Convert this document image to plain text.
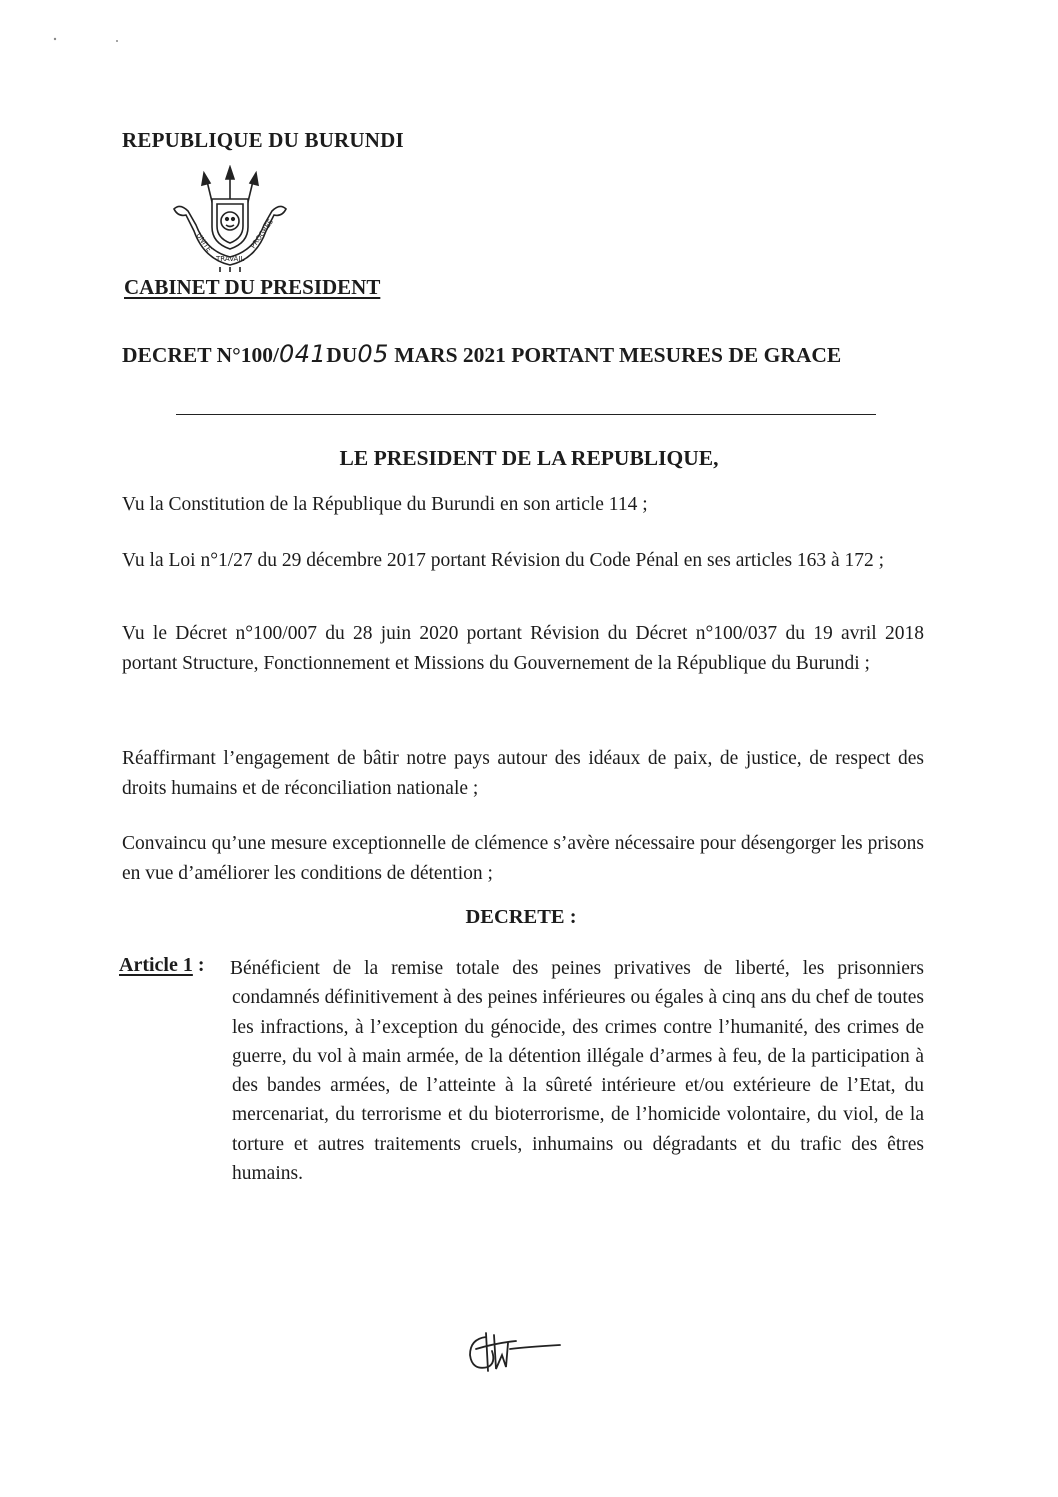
REPUBLIQUE DU BURUNDI
UNITE
TRAVAIL
PROGRES
CABINET DU PRESIDENT
DECRET N°100/041DU05 MARS 2021 PORTANT MESURES DE GRACE
LE PRESIDENT DE LA REPUBLIQUE,
Vu la Constitution de la République du Burundi en son article 114 ;
Vu la Loi n°1/27 du 29 décembre 2017 portant Révision du Code Pénal en ses articles 163 à 172 ;
Vu le Décret n°100/007 du 28 juin 2020 portant Révision du Décret n°100/037 du 19 avril 2018 portant Structure, Fonctionnement et Missions du Gouvernement de la République du Burundi ;
Réaffirmant l’engagement de bâtir notre pays autour des idéaux de paix, de justice, de respect des droits humains et de réconciliation nationale ;
Convaincu qu’une mesure exceptionnelle de clémence s’avère nécessaire pour désengorger les prisons en vue d’améliorer les conditions de détention ;
DECRETE :
Article 1 : Bénéficient de la remise totale des peines privatives de liberté, les prisonniers condamnés définitivement à des peines inférieures ou égales à cinq ans du chef de toutes les infractions, à l’exception du génocide, des crimes contre l’humanité, des crimes de guerre, du vol à main armée, de la détention illégale d’armes à feu, de la participation à des bandes armées, de l’atteinte à la sûreté intérieure et/ou extérieure de l’Etat, du mercenariat, du terrorisme et du bioterrorisme, de l’homicide volontaire, du viol, de la torture et autres traitements cruels, inhumains ou dégradants et du trafic des êtres humains.
